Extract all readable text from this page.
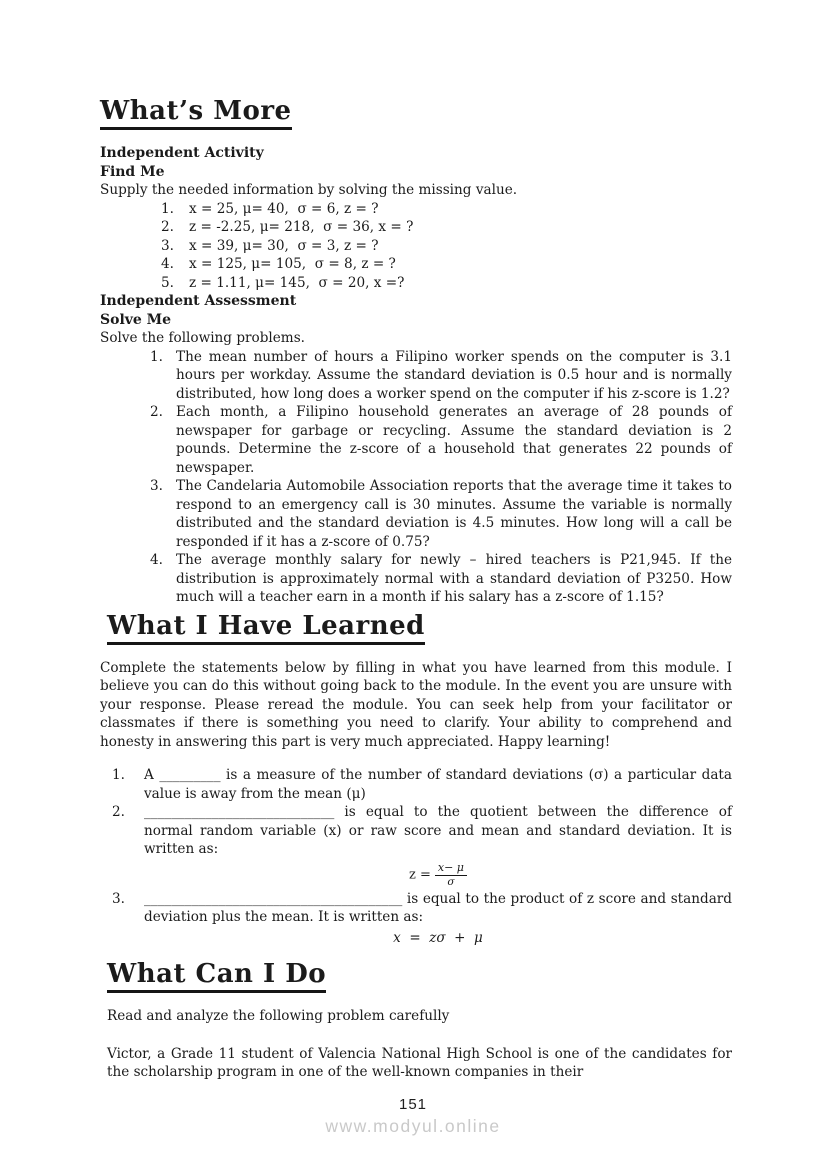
What’s More

Independent Activity

Find Me

Supply the needed information by solving the missing value.

1.	x = 25, μ= 40,  σ = 6, z = ?
2.	z = -2.25, μ= 218,  σ = 36, x = ?
3.	x = 39, μ= 30,  σ = 3, z = ?
4.	x = 125, μ= 105,  σ = 8, z = ?
5.	z = 1.11, μ= 145,  σ = 20, x =?

Independent Assessment

Solve Me

Solve the following problems.

1. The mean number of hours a Filipino worker spends on the computer is 3.1 hours per workday. Assume the standard deviation is 0.5 hour and is normally distributed, how long does a worker spend on the computer if his z-score is 1.2?
2. Each month, a Filipino household generates an average of 28 pounds of newspaper for garbage or recycling. Assume the standard deviation is 2 pounds. Determine the z-score of a household that generates 22 pounds of newspaper.
3. The Candelaria Automobile Association reports that the average time it takes to respond to an emergency call is 30 minutes. Assume the variable is normally distributed and the standard deviation is 4.5 minutes. How long will a call be responded if it has a z-score of 0.75?
4. The average monthly salary for newly – hired teachers is P21,945. If the distribution is approximately normal with a standard deviation of P3250. How much will a teacher earn in a month if his salary has a z-score of 1.15?
What I Have Learned

Complete the statements below by filling in what you have learned from this module. I believe you can do this without going back to the module. In the event you are unsure with your response. Please reread the module. You can seek help from your facilitator or classmates if there is something you need to clarify. Your ability to comprehend and honesty in answering this part is very much appreciated. Happy learning!

1.	A _________ is a measure of the number of standard deviations (σ) a particular data value is away from the mean (μ)
2.	____________________________ is equal to the quotient between the difference of normal random variable (x) or raw score and mean and standard deviation. It is written as:
$z = \frac{x- \mu}{\sigma}$
3.	______________________________________ is equal to the product of z score and standard deviation plus the mean. It is written as:
x  =  zσ  +  μ
What Can I Do

Read and analyze the following problem carefully

Victor, a Grade 11 student of Valencia National High School is one of the candidates for the scholarship program in one of the well-known companies in their

151
www.modyul.online
